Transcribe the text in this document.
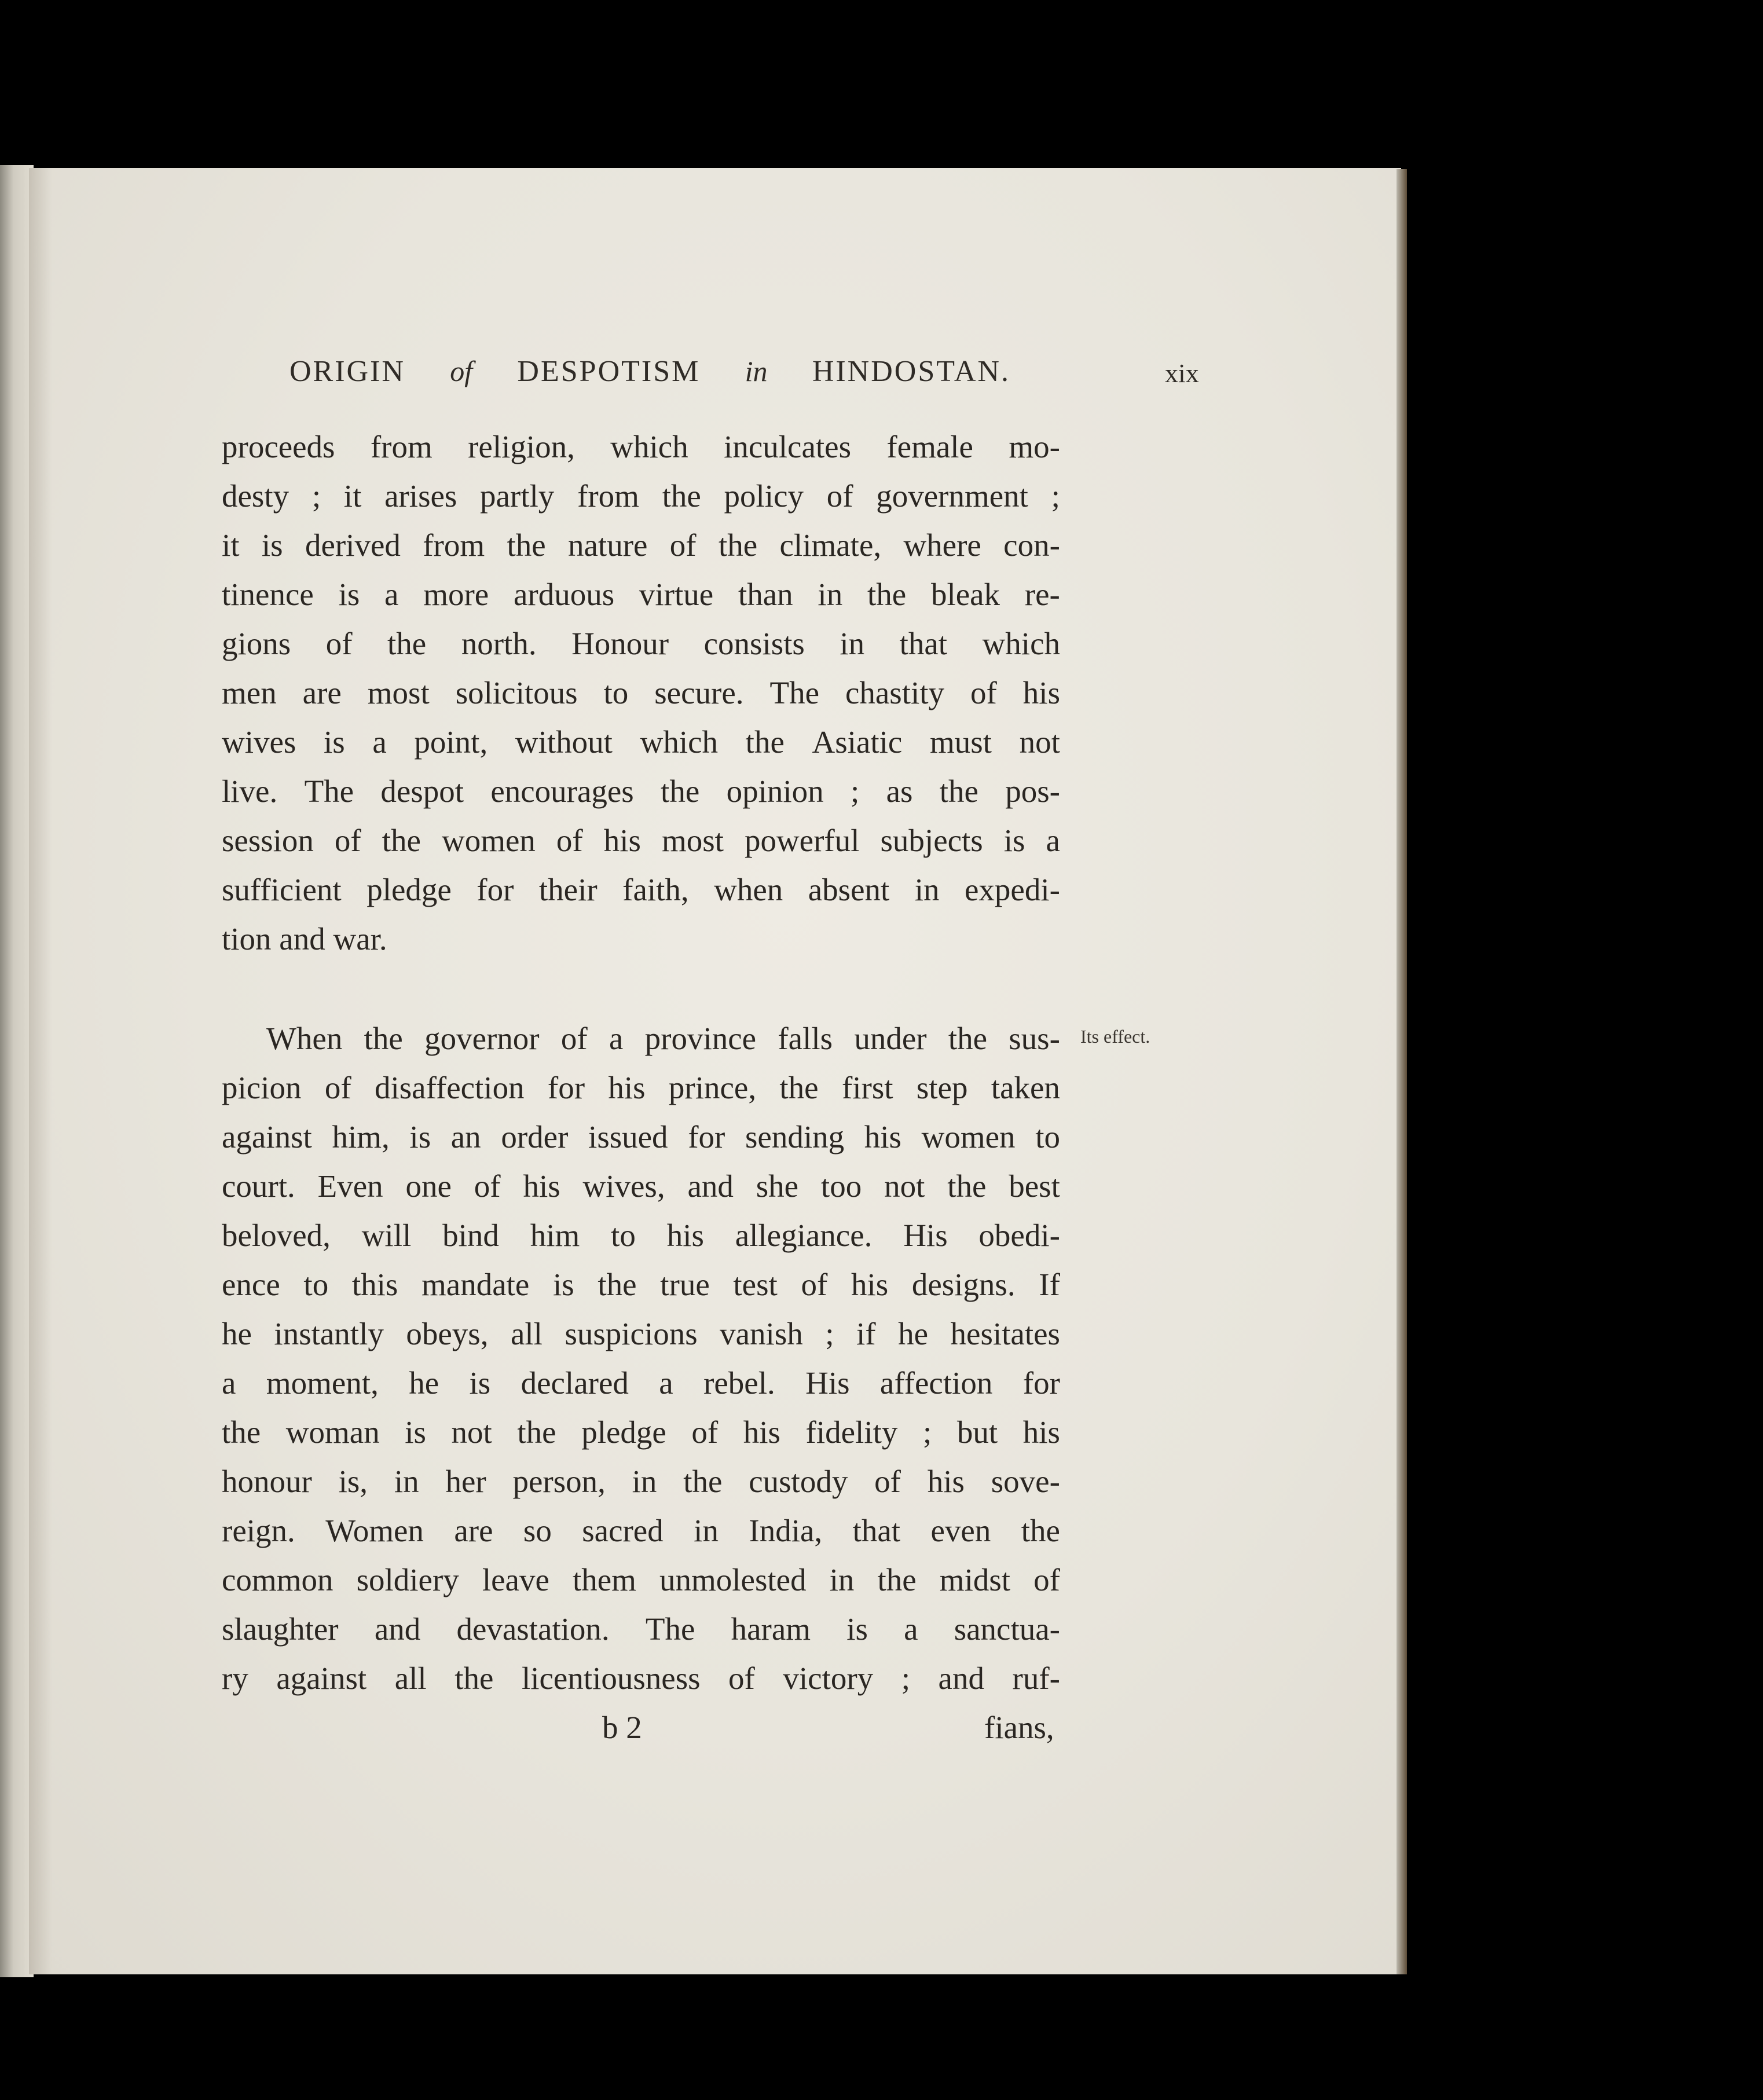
ORIGIN of DESPOTISM in HINDOSTAN.	xix
proceeds from religion, which inculcates female mo-
desty ; it arises partly from the policy of government ;
it is derived from the nature of the climate, where con-
tinence is a more arduous virtue than in the bleak re-
gions of the north. Honour consists in that which
men are most solicitous to secure. The chastity of his
wives is a point, without which the Asiatic must not
live. The despot encourages the opinion ; as the pos-
session of the women of his most powerful subjects is a
sufficient pledge for their faith, when absent in expedi-
tion and war.
Its effect.
When the governor of a province falls under the sus-
picion of disaffection for his prince, the first step taken
against him, is an order issued for sending his women to
court. Even one of his wives, and she too not the best
beloved, will bind him to his allegiance. His obedi-
ence to this mandate is the true test of his designs. If
he instantly obeys, all suspicions vanish ; if he hesitates
a moment, he is declared a rebel. His affection for
the woman is not the pledge of his fidelity ; but his
honour is, in her person, in the custody of his sove-
reign. Women are so sacred in India, that even the
common soldiery leave them unmolested in the midst of
slaughter and devastation. The haram is a sanctua-
ry against all the licentiousness of victory ; and ruf-
b 2	fians,
